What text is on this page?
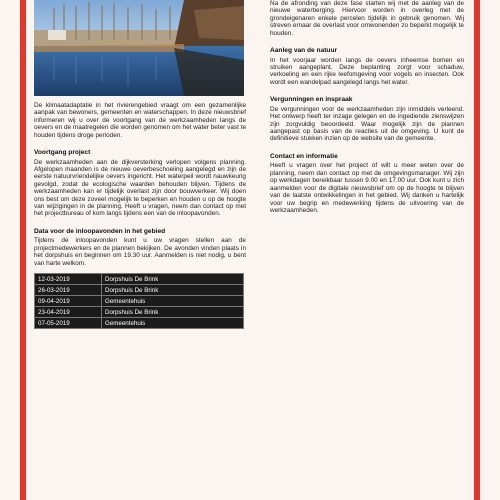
De klimaatadaptatie in het rivierengebied vraagt om een gezamenlijke aanpak van bewoners, gemeenten en waterschappen. In deze nieuwsbrief informeren wij u over de voortgang van de werkzaamheden langs de oevers en de maatregelen die worden genomen om het water beter vast te houden tijdens droge perioden.

Voortgang project

De werkzaamheden aan de dijkversterking verlopen volgens planning. Afgelopen maanden is de nieuwe oeverbeschoeiing aangelegd en zijn de eerste natuurvriendelijke oevers ingericht. Het waterpeil wordt nauwkeurig gevolgd, zodat de ecologische waarden behouden blijven. Tijdens de werkzaamheden kan er tijdelijk overlast zijn door bouwverkeer. Wij doen ons best om deze zoveel mogelijk te beperken en houden u op de hoogte van wijzigingen in de planning. Heeft u vragen, neem dan contact op met het projectbureau of kom langs tijdens een van de inloopavonden.

Data voor de inloopavonden in het gebied

Tijdens de inloopavonden kunt u uw vragen stellen aan de projectmedewerkers en de plannen bekijken. De avonden vinden plaats in het dorpshuis en beginnen om 19.30 uur. Aanmelden is niet nodig, u bent van harte welkom.

12-03-2019	Dorpshuis De Brink
26-03-2019	Dorpshuis De Brink
09-04-2019	Gemeentehuis
23-04-2019	Dorpshuis De Brink
07-05-2019	Gemeentehuis

Na de afronding van deze fase starten wij met de aanleg van de nieuwe waterberging. Hiervoor worden in overleg met de grondeigenaren enkele percelen tijdelijk in gebruik genomen. Wij streven ernaar de overlast voor omwonenden zo beperkt mogelijk te houden.

Aanleg van de natuur

In het voorjaar worden langs de oevers inheemse bomen en struiken aangeplant. Deze beplanting zorgt voor schaduw, verkoeling en een rijke leefomgeving voor vogels en insecten. Ook wordt een wandelpad aangelegd langs het water.

Vergunningen en inspraak

De vergunningen voor de werkzaamheden zijn inmiddels verleend. Het ontwerp heeft ter inzage gelegen en de ingediende zienswijzen zijn zorgvuldig beoordeeld. Waar mogelijk zijn de plannen aangepast op basis van de reacties uit de omgeving. U kunt de definitieve stukken inzien op de website van de gemeente.

Contact en informatie

Heeft u vragen over het project of wilt u meer weten over de planning, neem dan contact op met de omgevingsmanager. Wij zijn op werkdagen bereikbaar tussen 9.00 en 17.00 uur. Ook kunt u zich aanmelden voor de digitale nieuwsbrief om op de hoogte te blijven van de laatste ontwikkelingen in het gebied. Wij danken u hartelijk voor uw begrip en medewerking tijdens de uitvoering van de werkzaamheden.
